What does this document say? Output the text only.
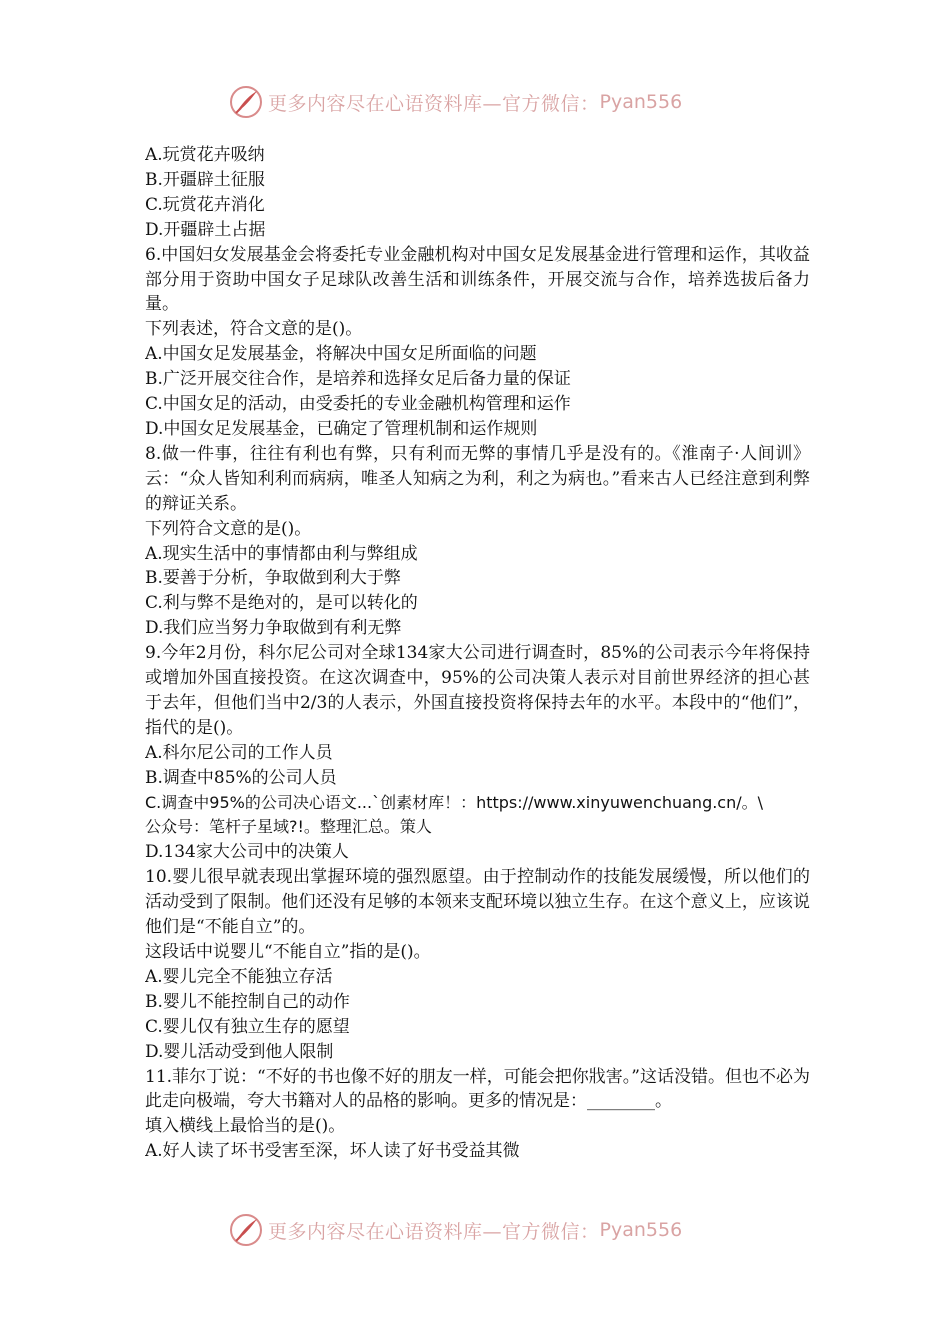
更多内容尽在心语资料库—官方微信： Pyan556
A.玩赏花卉吸纳
B.开疆辟土征服
C.玩赏花卉消化
D.开疆辟土占据
6.中国妇女发展基金会将委托专业金融机构对中国女足发展基金进行管理和运作，其收益部分用于资助中国女子足球队改善生活和训练条件，开展交流与合作，培养选拔后备力量。
下列表述，符合文意的是()。
A.中国女足发展基金，将解决中国女足所面临的问题
B.广泛开展交往合作，是培养和选择女足后备力量的保证
C.中国女足的活动，由受委托的专业金融机构管理和运作
D.中国女足发展基金，已确定了管理机制和运作规则
8.做一件事，往往有利也有弊，只有利而无弊的事情几乎是没有的。《淮南子·人间训》云：“众人皆知利利而病病，唯圣人知病之为利，利之为病也。”看来古人已经注意到利弊的辩证关系。
下列符合文意的是()。
A.现实生活中的事情都由利与弊组成
B.要善于分析，争取做到利大于弊
C.利与弊不是绝对的，是可以转化的
D.我们应当努力争取做到有利无弊
9.今年2月份，科尔尼公司对全球134家大公司进行调查时，85%的公司表示今年将保持或增加外国直接投资。在这次调查中，95%的公司决策人表示对目前世界经济的担心甚于去年，但他们当中2/3的人表示，外国直接投资将保持去年的水平。本段中的“他们”，指代的是()。
A.科尔尼公司的工作人员
B.调查中85%的公司人员
C.调查中95%的公司决心语文...`创素材库！：https://www.xinyuwenchuang.cn/。\
公众号：笔杆子星域?!。整理汇总。策人
D.134家大公司中的决策人
10.婴儿很早就表现出掌握环境的强烈愿望。由于控制动作的技能发展缓慢，所以他们的活动受到了限制。他们还没有足够的本领来支配环境以独立生存。在这个意义上，应该说他们是“不能自立”的。
这段话中说婴儿“不能自立”指的是()。
A.婴儿完全不能独立存活
B.婴儿不能控制自己的动作
C.婴儿仅有独立生存的愿望
D.婴儿活动受到他人限制
11.菲尔丁说：“不好的书也像不好的朋友一样，可能会把你戕害。”这话没错。但也不必为此走向极端，夸大书籍对人的品格的影响。更多的情况是：________。
填入横线上最恰当的是()。
A.好人读了坏书受害至深，坏人读了好书受益其微
更多内容尽在心语资料库—官方微信： Pyan556
